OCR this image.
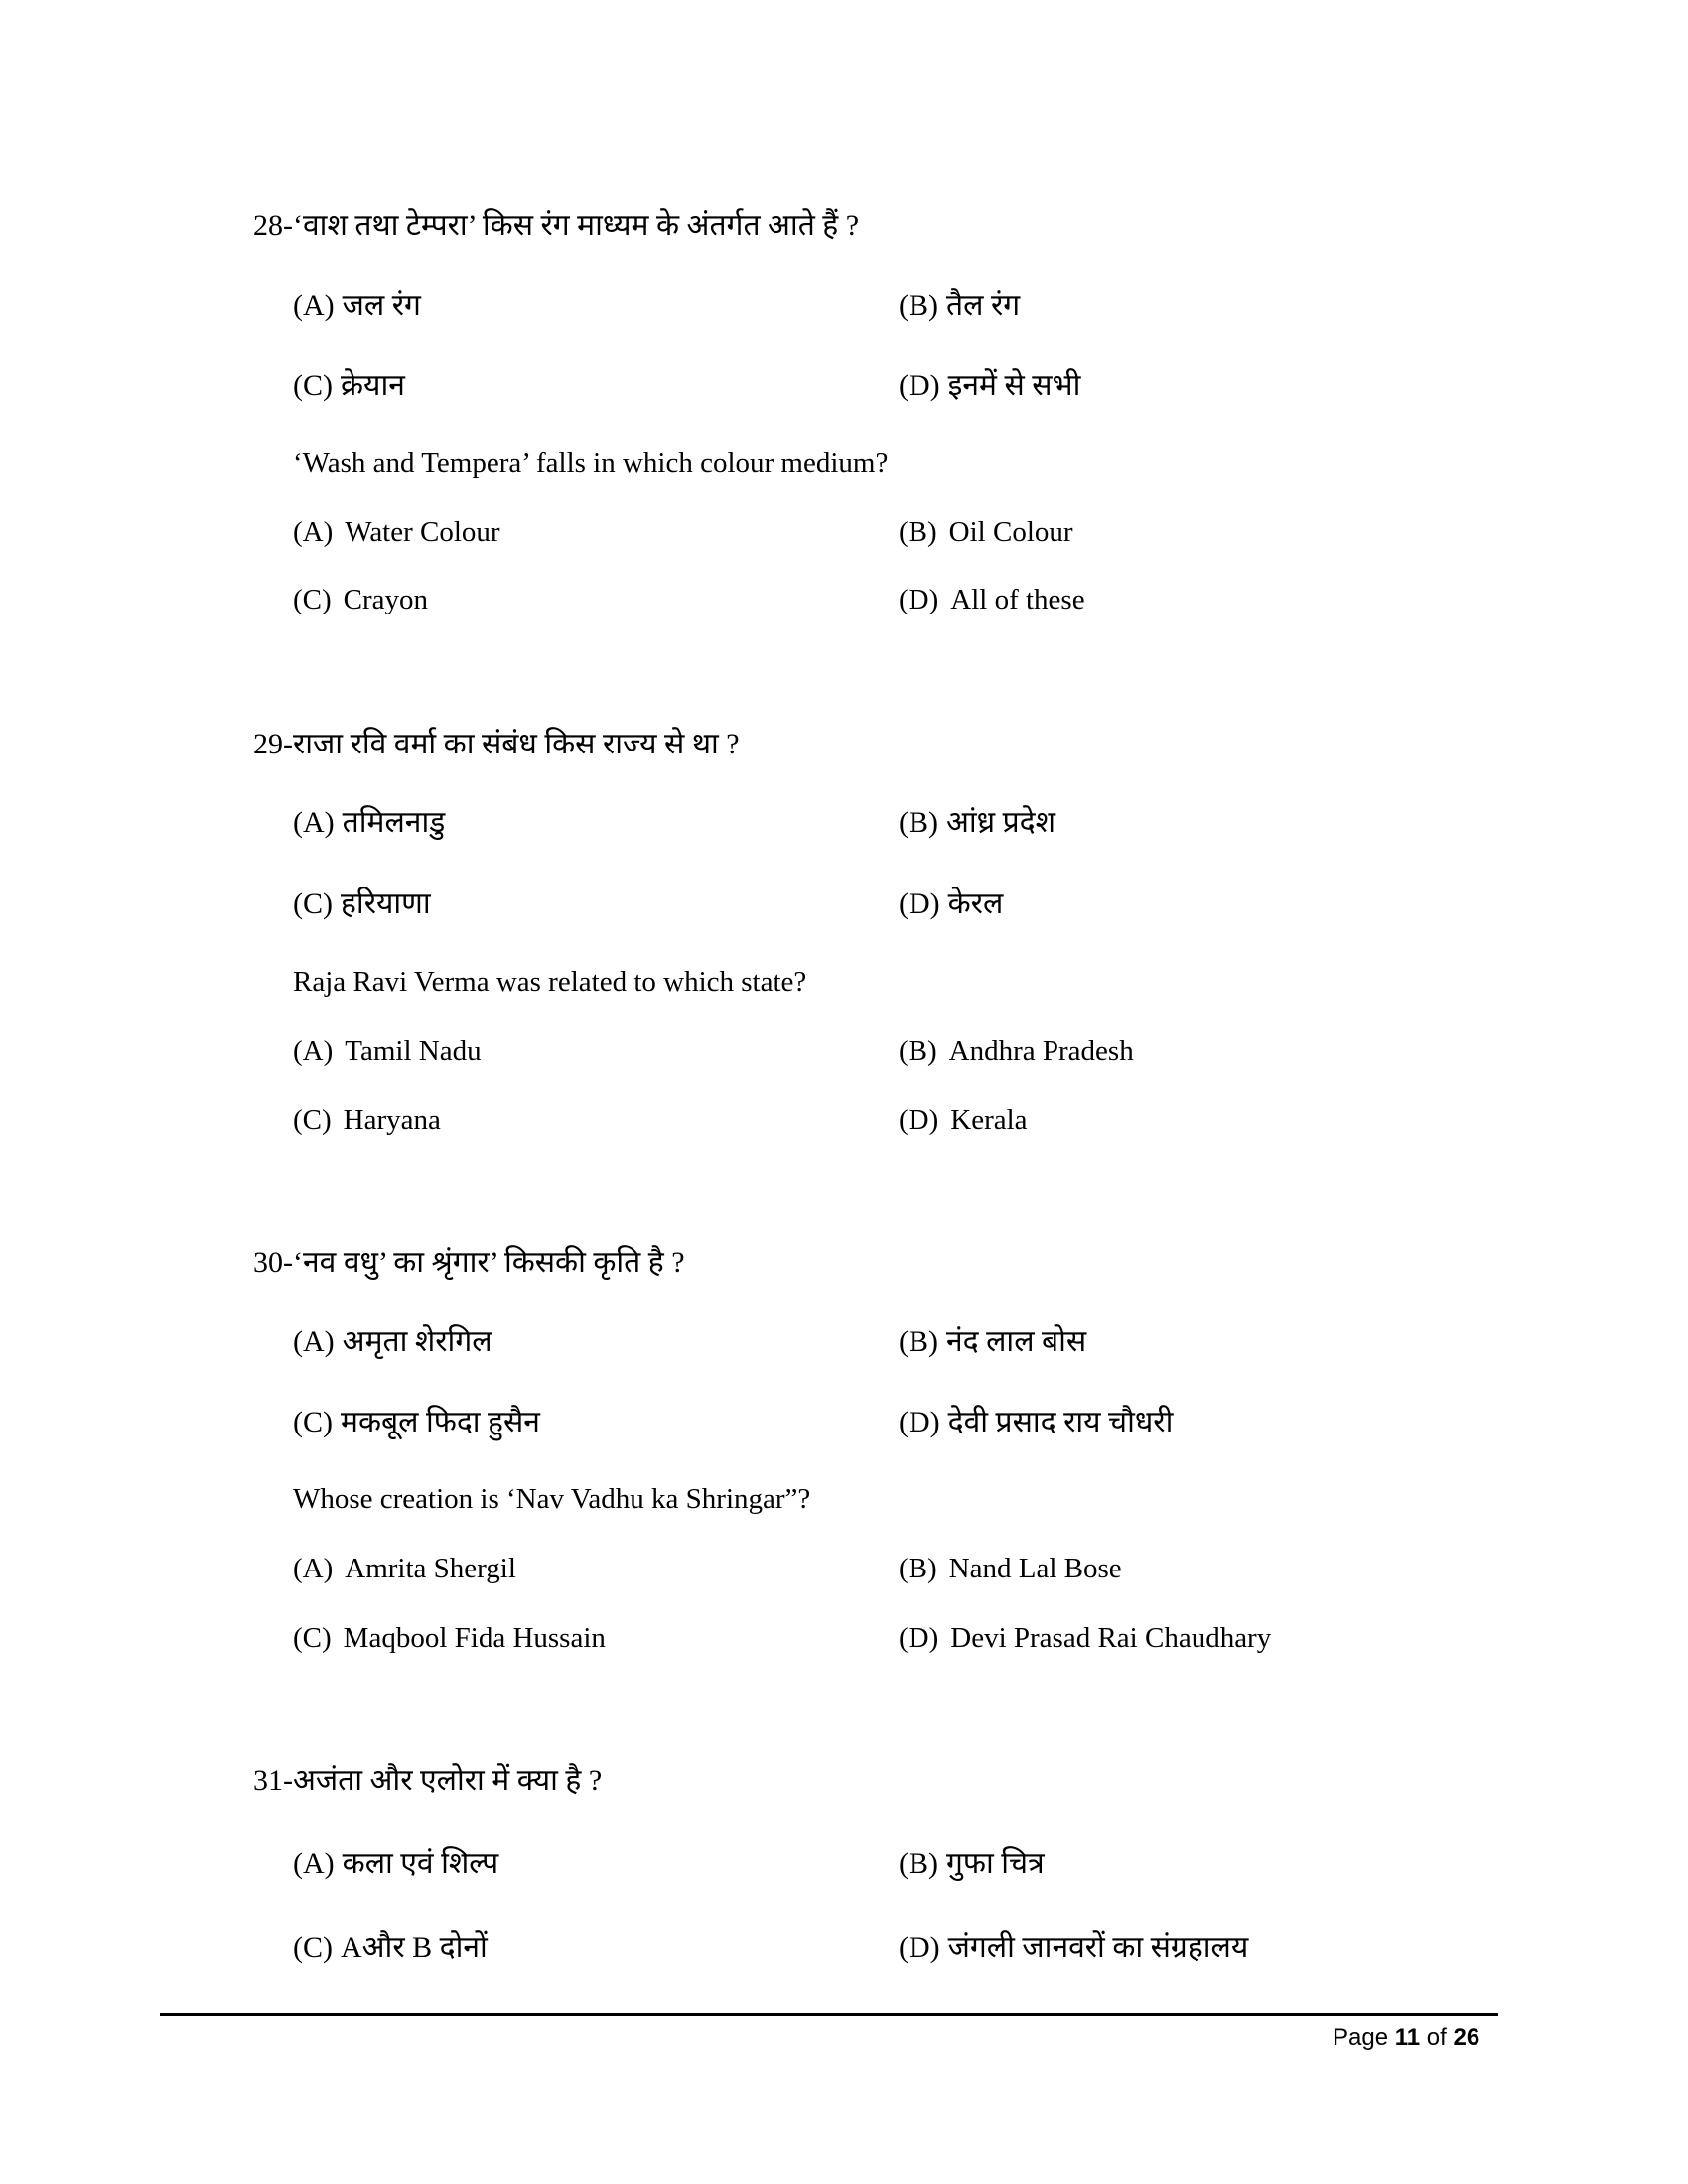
28-‘वाश तथा टेम्परा’ किस रंग माध्यम के अंतर्गत आते हैं ?
(A) जल रंग	(B) तैल रंग
(C) क्रेयान	(D) इनमें से सभी
‘Wash and Tempera’ falls in which colour medium?
(A) Water Colour	(B) Oil Colour
(C) Crayon	(D) All of these
29-राजा रवि वर्मा का संबंध किस राज्य से था ?
(A) तमिलनाडु	(B) आंध्र प्रदेश
(C) हरियाणा	(D) केरल
Raja Ravi Verma was related to which state?
(A) Tamil Nadu	(B) Andhra Pradesh
(C) Haryana	(D) Kerala
30-‘नव वधु’ का श्रृंगार’ किसकी कृति है ?
(A) अमृता शेरगिल	(B) नंद लाल बोस
(C) मकबूल फिदा हुसैन	(D) देवी प्रसाद राय चौधरी
Whose creation is ‘Nav Vadhu ka Shringar”?
(A) Amrita Shergil	(B) Nand Lal Bose
(C) Maqbool Fida Hussain	(D) Devi Prasad Rai Chaudhary
31-अजंता और एलोरा में क्या है ?
(A) कला एवं शिल्प	(B) गुफा चित्र
(C) Aऔर B दोनों	(D) जंगली जानवरों का संग्रहालय
Page 11 of 26
